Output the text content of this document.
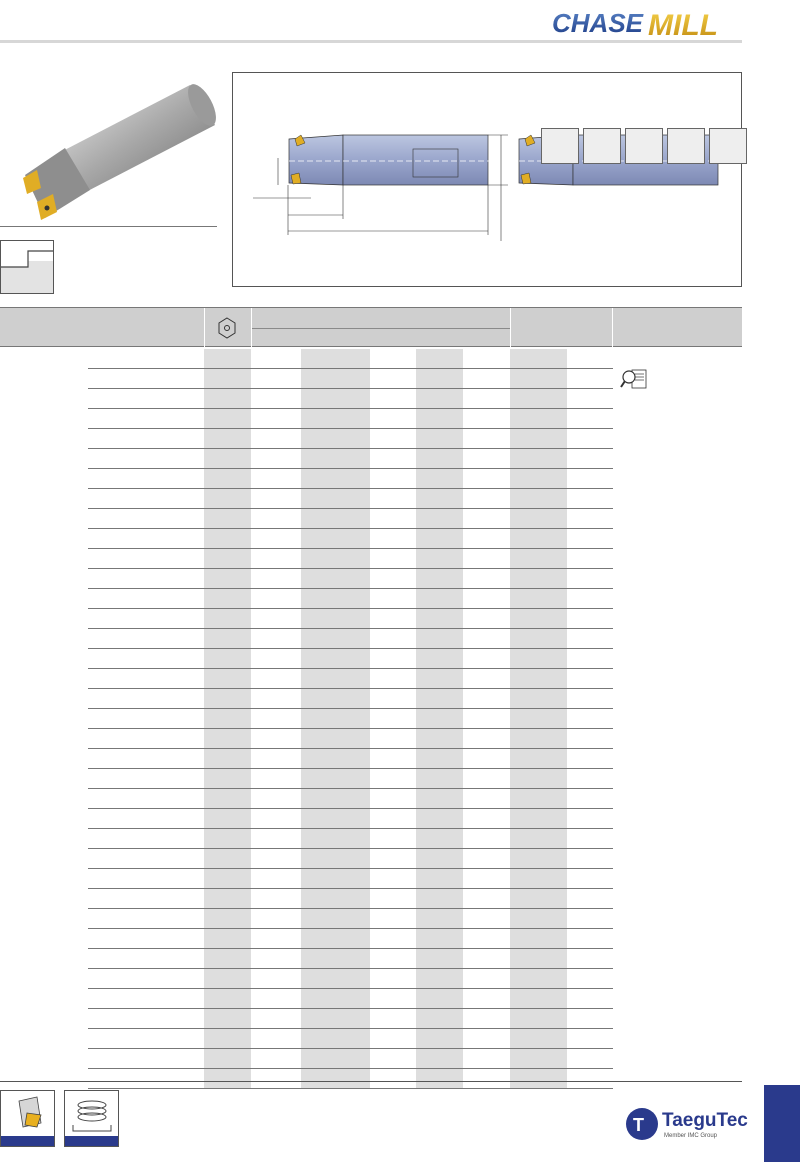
CHASE MILL
T TaeguTec
Member IMC Group
